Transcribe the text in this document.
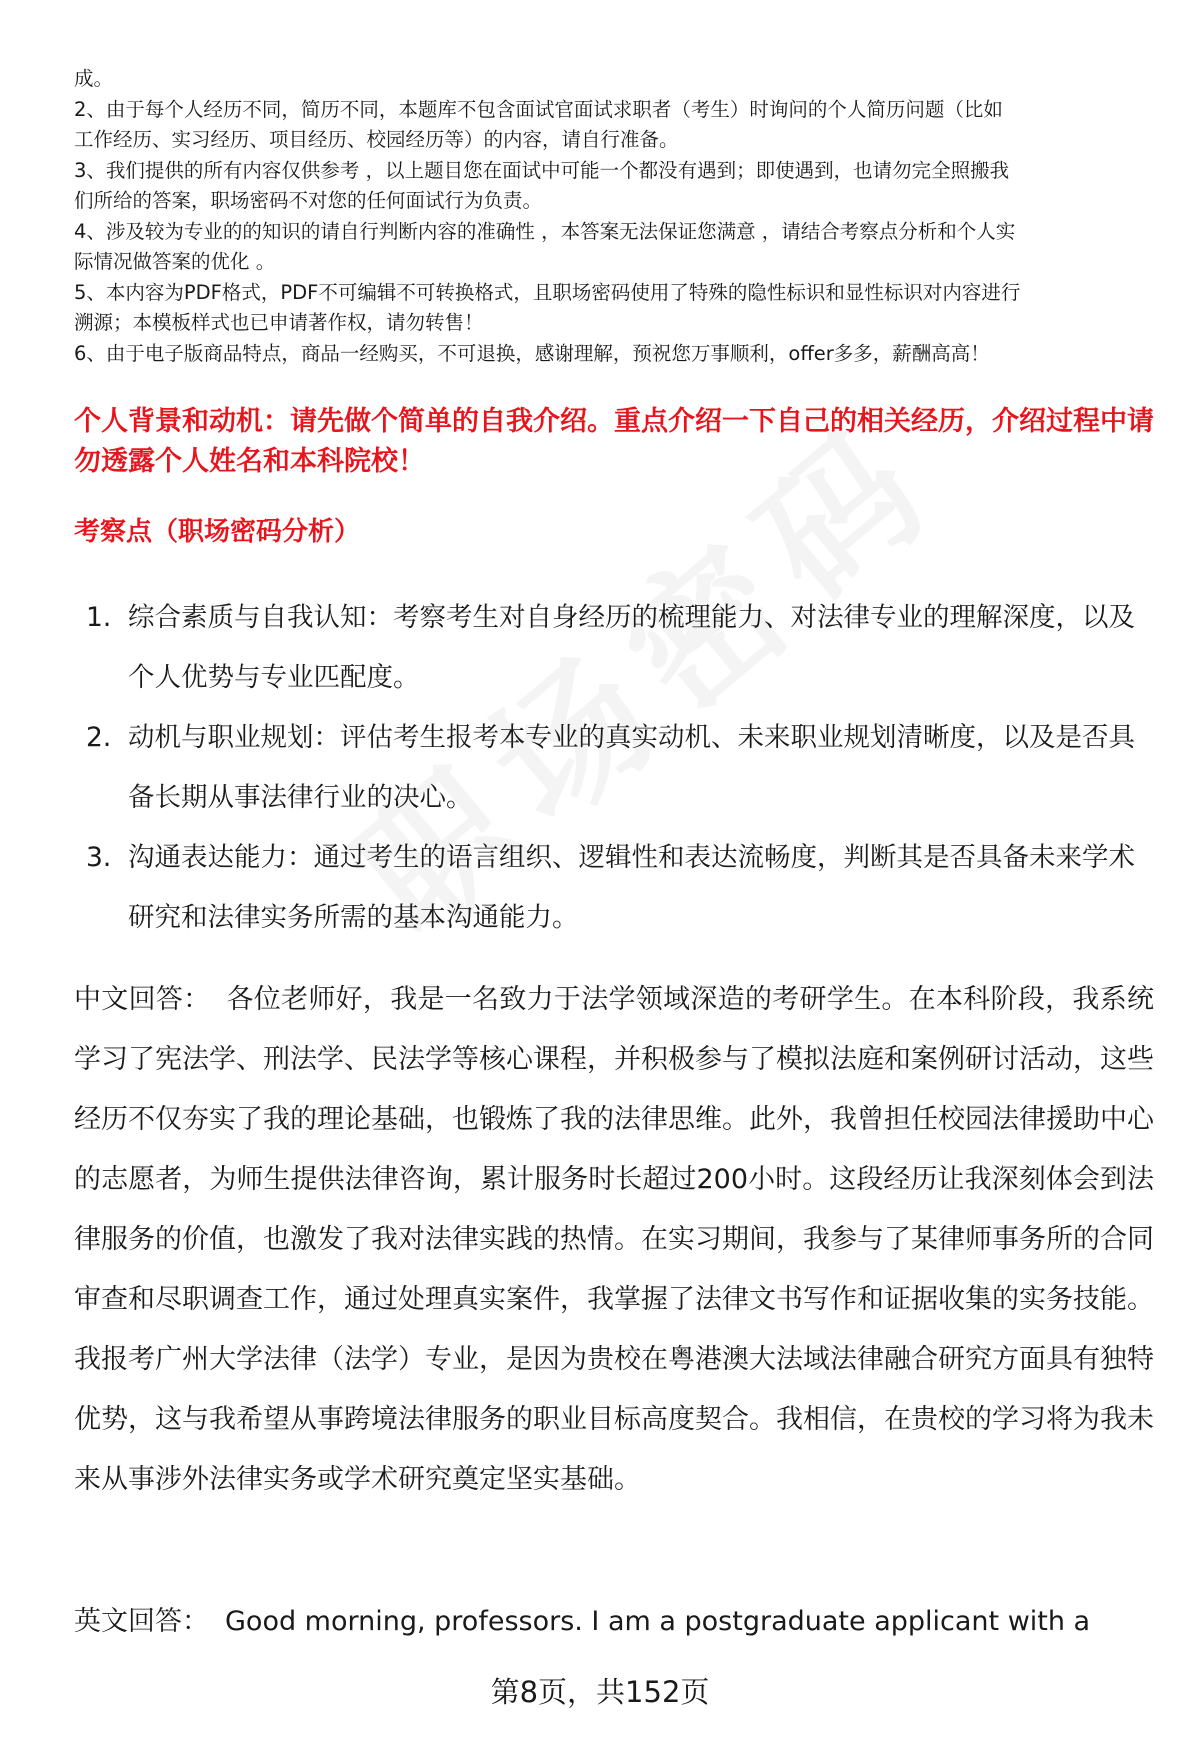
成。

2、由于每个人经历不同，简历不同，本题库不包含面试官面试求职者（考生）时询问的个人简历问题（比如

工作经历、实习经历、项目经历、校园经历等）的内容，请自行准备。

3、我们提供的所有内容仅供参考 ，以上题目您在面试中可能一个都没有遇到；即使遇到，也请勿完全照搬我

们所给的答案，职场密码不对您的任何面试行为负责。

4、涉及较为专业的的知识的请自行判断内容的准确性 ，本答案无法保证您满意 ，请结合考察点分析和个人实

际情况做答案的优化 。

5、本内容为PDF格式，PDF不可编辑不可转换格式，且职场密码使用了特殊的隐性标识和显性标识对内容进行

溯源；本模板样式也已申请著作权，请勿转售！

6、由于电子版商品特点，商品一经购买，不可退换，感谢理解，预祝您万事顺利，offer多多，薪酬高高！

个人背景和动机：请先做个简单的自我介绍。重点介绍一下自己的相关经历，介绍过程中请勿透露个人姓名和本科院校！

考察点（职场密码分析）

1. 综合素质与自我认知：考察考生对自身经历的梳理能力、对法律专业的理解深度，以及个人优势与专业匹配度。
2. 动机与职业规划：评估考生报考本专业的真实动机、未来职业规划清晰度，以及是否具备长期从事法律行业的决心。
3. 沟通表达能力：通过考生的语言组织、逻辑性和表达流畅度，判断其是否具备未来学术研究和法律实务所需的基本沟通能力。

中文回答： 各位老师好，我是一名致力于法学领域深造的考研学生。在本科阶段，我系统学习了宪法学、刑法学、民法学等核心课程，并积极参与了模拟法庭和案例研讨活动，这些经历不仅夯实了我的理论基础，也锻炼了我的法律思维。此外，我曾担任校园法律援助中心的志愿者，为师生提供法律咨询，累计服务时长超过200小时。这段经历让我深刻体会到法律服务的价值，也激发了我对法律实践的热情。在实习期间，我参与了某律师事务所的合同审查和尽职调查工作，通过处理真实案件，我掌握了法律文书写作和证据收集的实务技能。我报考广州大学法律（法学）专业，是因为贵校在粤港澳大法域法律融合研究方面具有独特优势，这与我希望从事跨境法律服务的职业目标高度契合。我相信，在贵校的学习将为我未来从事涉外法律实务或学术研究奠定坚实基础。

英文回答： Good morning, professors. I am a postgraduate applicant with a

第8页，共152页
